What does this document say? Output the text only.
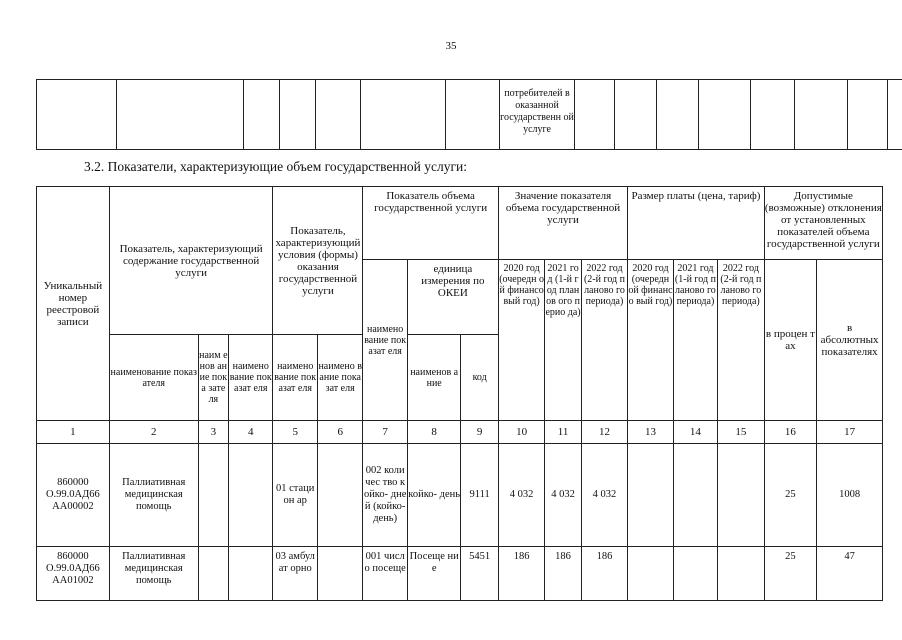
35
							потребителей в оказанной государственн ой услуге								
3.2. Показатели, характеризующие объем государственной услуги:
Уникальный номер реестровой записи	Показатель, характеризующий содержание государственной услуги			Показатель, характеризующий условия (формы) оказания государственной услуги		Показатель объема государственной услуги			Значение показателя объема государственной услуги			Размер платы (цена, тариф)			Допустимые (возможные) отклонения от установленных показателей объема государственной услуги	
						наимено вание показат еля	единица измерения по ОКЕИ		2020 год (очередн ой финансо вый год)	2021 год (1-й год планов ого перио да)	2022 год (2-й год планово го периода)	2020 год (очередн ой финансо вый год)	2021 год (1-й год планово го периода)	2022 год (2-й год планово го периода)	в процен тах	в абсолютных показателях
	наименование показателя	наим енов ание пока зате ля	наимено вание показат еля	наимено вание показат еля	наимено вание показат еля		наименов ание	код								
1	2	3	4	5	6	7	8	9	10	11	12	13	14	15	16	17
860000 О.99.0АД66 АА00002	Паллиативная медицинская помощь			01 стацион ар		002 количес тво койко- дней (койко- день)	койко- день	9111	4 032	4 032	4 032				25	1008
860000 О.99.0АД66 АА01002	Паллиативная медицинская помощь			03 амбулат орно		001 число посеще	Посеще ние	5451	186	186	186				25	47
